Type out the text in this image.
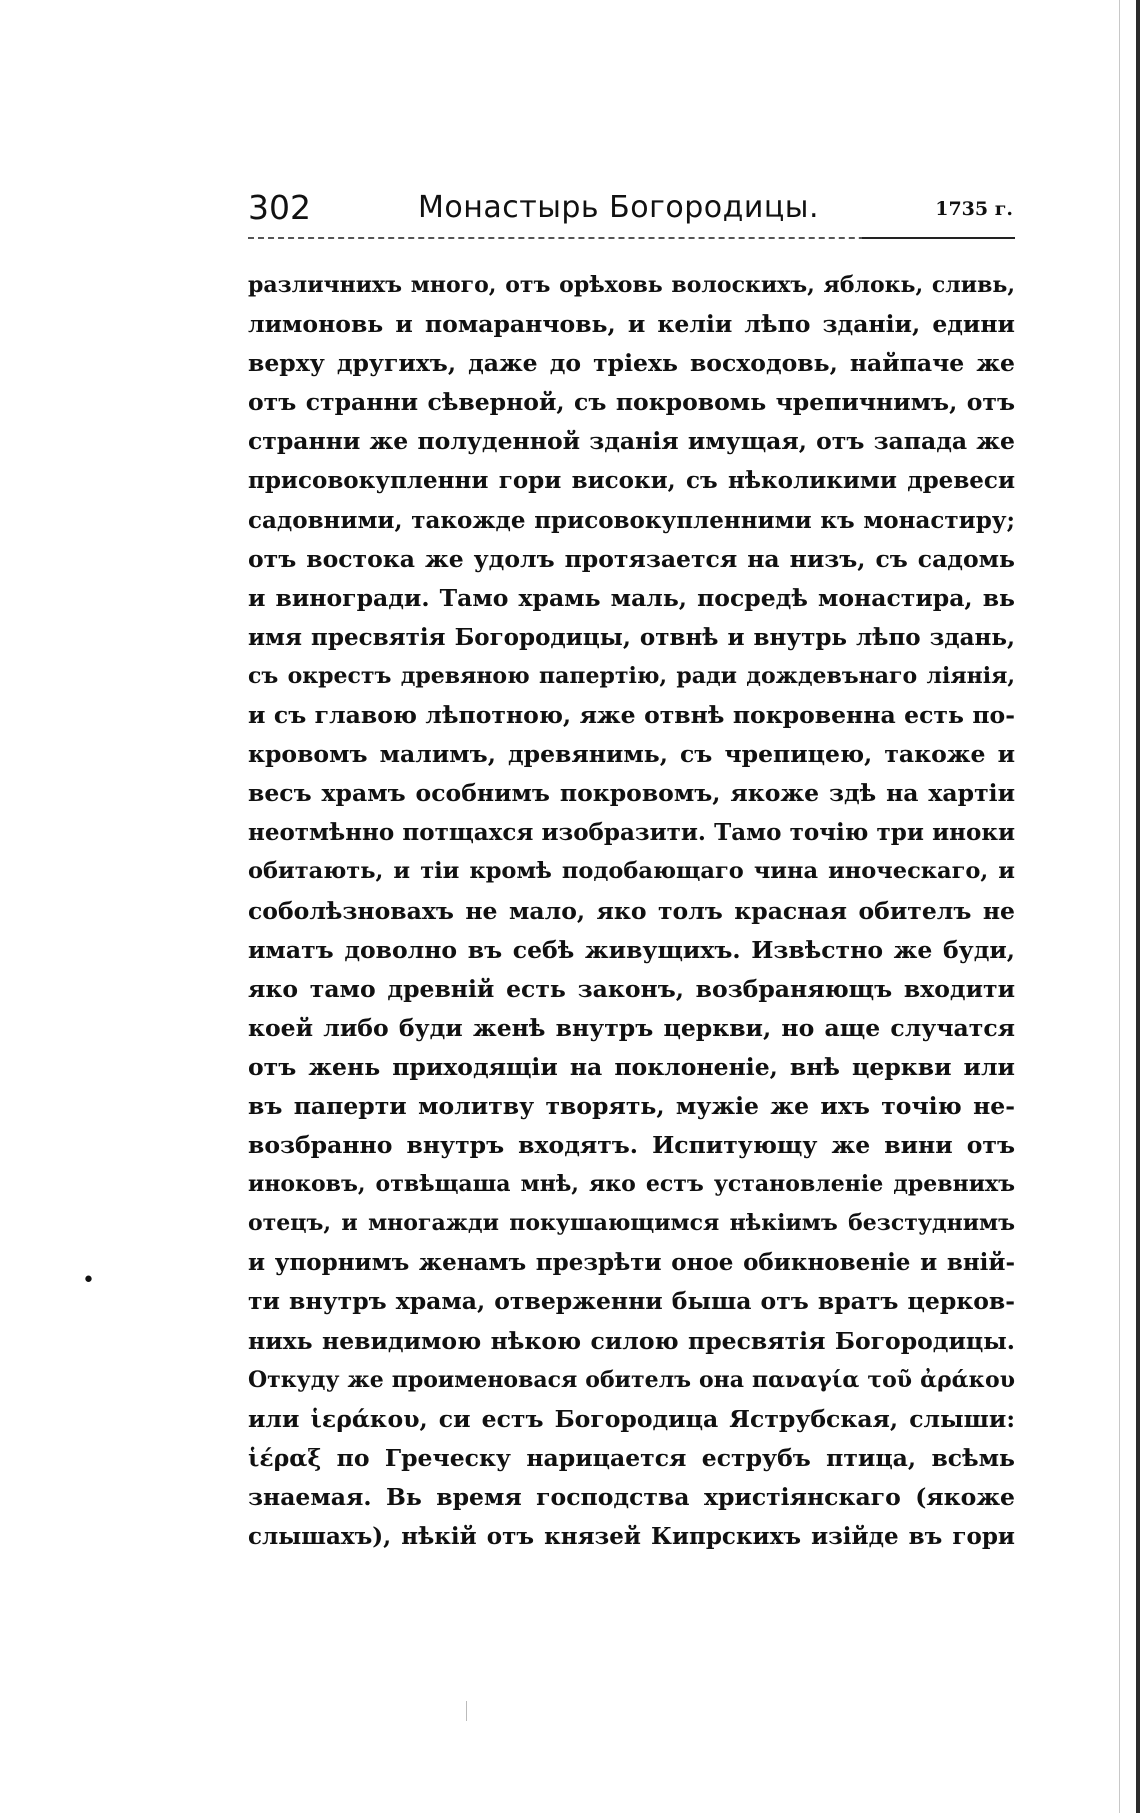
302	Монастырь Богородицы.	1735 г.
различнихъ много, отъ орѣховь волоскихъ, яблокь, сливь,
лимоновь и помаранчовь, и келіи лѣпо зданіи, едини
верху другихъ, даже до тріехь восходовь, найпаче же
отъ странни сѣверной, съ покровомь чрепичнимъ, отъ
странни же полуденной зданія имущая, отъ запада же
присовокупленни гори високи, съ нѣколикими древеси
садовними, такожде присовокупленними къ монастиру;
отъ востока же удолъ протязается на низъ, съ садомь
и виногради. Тамо храмь маль, посредѣ монастира, вь
имя пресвятія Богородицы, отвнѣ и внутрь лѣпо здань,
съ окрестъ древяною папертію, ради дождевънаго ліянія,
и съ главою лѣпотною, яже отвнѣ покровенна есть по-
кровомъ малимъ, древянимь, съ чрепицею, такоже и
весъ храмъ особнимъ покровомъ, якоже здѣ на хартіи
неотмѣнно потщахся изобразити. Тамо точію три иноки
обитають, и тіи кромѣ подобающаго чина иноческаго, и
соболѣзновахъ не мало, яко толъ красная обителъ не
иматъ доволно въ себѣ живущихъ. Извѣстно же буди,
яко тамо древній есть законъ, возбраняющъ входити
коей либо буди женѣ внутръ церкви, но аще случатся
отъ жень приходящіи на поклоненіе, внѣ церкви или
въ паперти молитву творять, мужіе же ихъ точію не-
возбранно внутръ входятъ. Испитующу же вини отъ
иноковъ, отвѣщаша мнѣ, яко естъ установленіе древнихъ
отецъ, и многажди покушающимся нѣкіимъ безстуднимъ
и упорнимъ женамъ презрѣти оное обикновеніе и внiй-
ти внутръ храма, отверженни быша отъ вратъ церков-
нихь невидимою нѣкою силою пресвятія Богородицы.
Откуду же проименовася обителъ она παναγία τοῦ ἀράκου
или ἱεράκου, си естъ Богородица Яструбская, слыши:
ἱέραξ по Гречеcку нарицается еструбъ птица, всѣмь
знаемая. Вь время господства христіянскаго (якоже
слышахъ), нѣкій отъ князей Кипрскихъ изійде въ гори
•
